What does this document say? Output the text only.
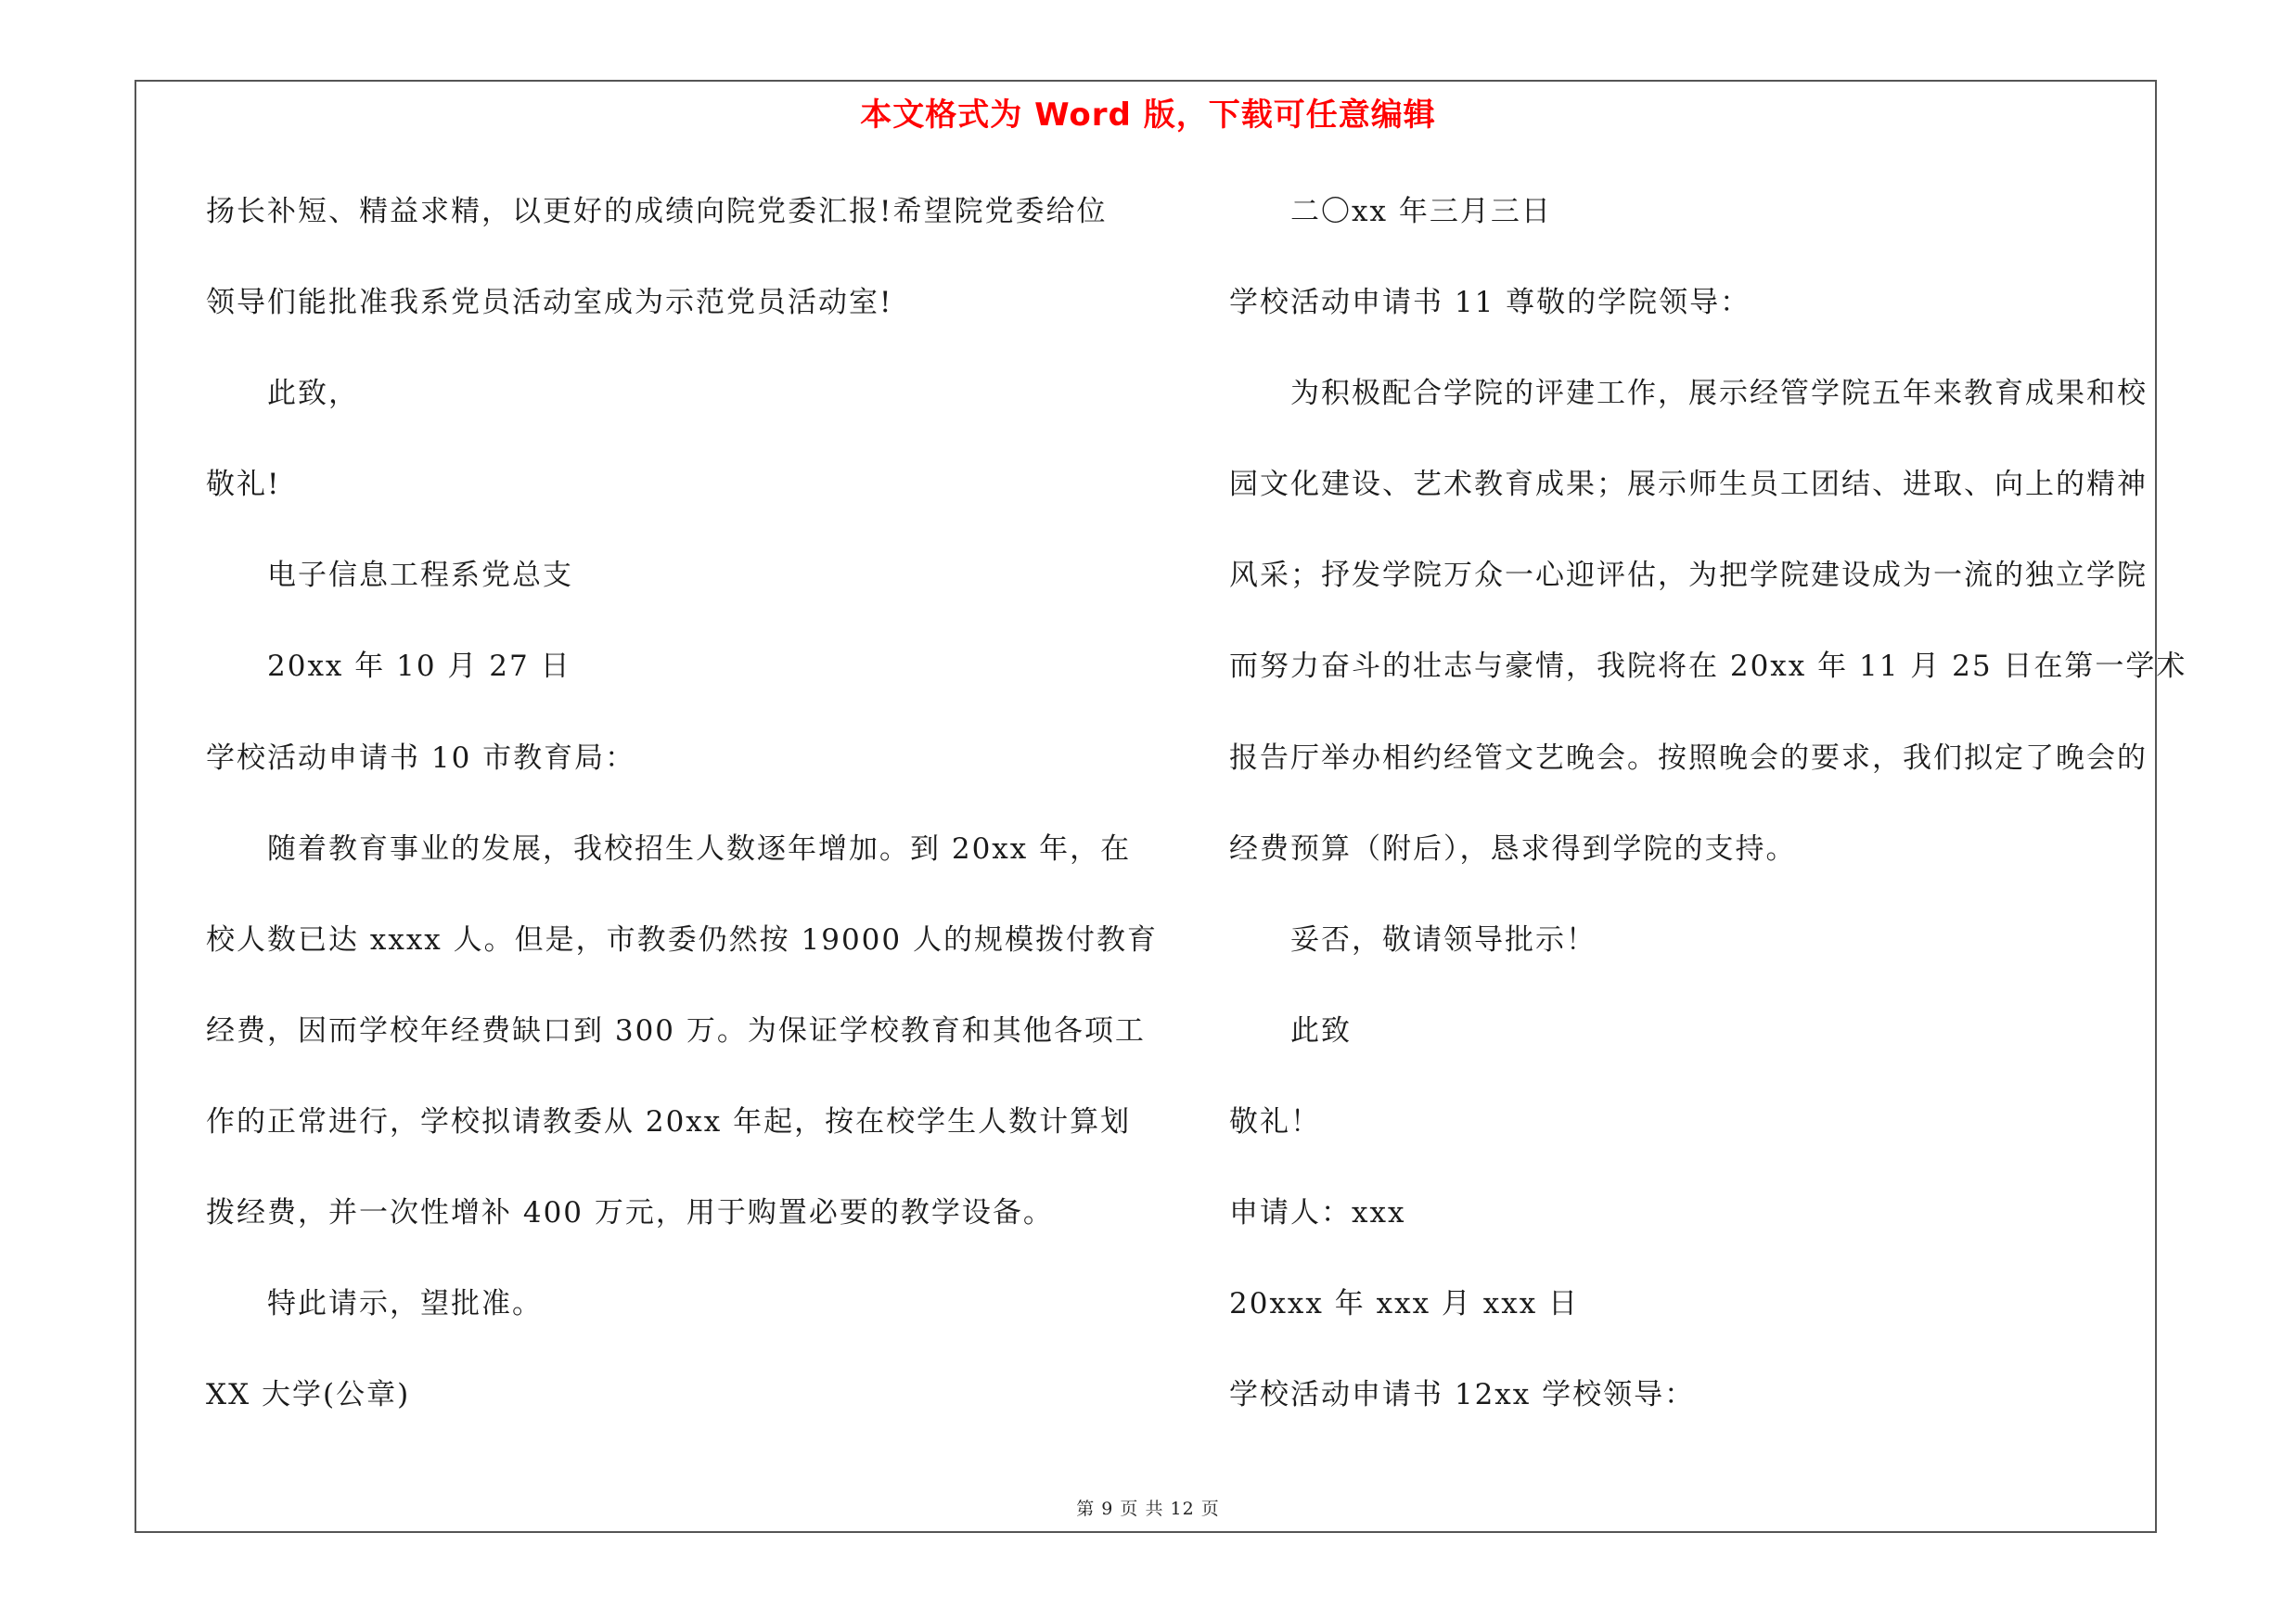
本文格式为 Word 版，下载可任意编辑
扬长补短、精益求精，以更好的成绩向院党委汇报!希望院党委给位
领导们能批准我系党员活动室成为示范党员活动室!
此致，
敬礼!
电子信息工程系党总支
20xx 年 10 月 27 日
学校活动申请书 10 市教育局：
随着教育事业的发展，我校招生人数逐年增加。到 20xx 年，在
校人数已达 xxxx 人。但是，市教委仍然按 19000 人的规模拨付教育
经费，因而学校年经费缺口到 300 万。为保证学校教育和其他各项工
作的正常进行，学校拟请教委从 20xx 年起，按在校学生人数计算划
拨经费，并一次性增补 400 万元，用于购置必要的教学设备。
特此请示，望批准。
XX 大学(公章)
二〇xx 年三月三日
学校活动申请书 11 尊敬的学院领导：
为积极配合学院的评建工作，展示经管学院五年来教育成果和校
园文化建设、艺术教育成果；展示师生员工团结、进取、向上的精神
风采；抒发学院万众一心迎评估，为把学院建设成为一流的独立学院
而努力奋斗的壮志与豪情，我院将在 20xx 年 11 月 25 日在第一学术
报告厅举办相约经管文艺晚会。按照晚会的要求，我们拟定了晚会的
经费预算（附后），恳求得到学院的支持。
妥否，敬请领导批示！
此致
敬礼！
申请人：xxx
20xxx 年 xxx 月 xxx 日
学校活动申请书 12xx 学校领导：
第 9 页 共 12 页
